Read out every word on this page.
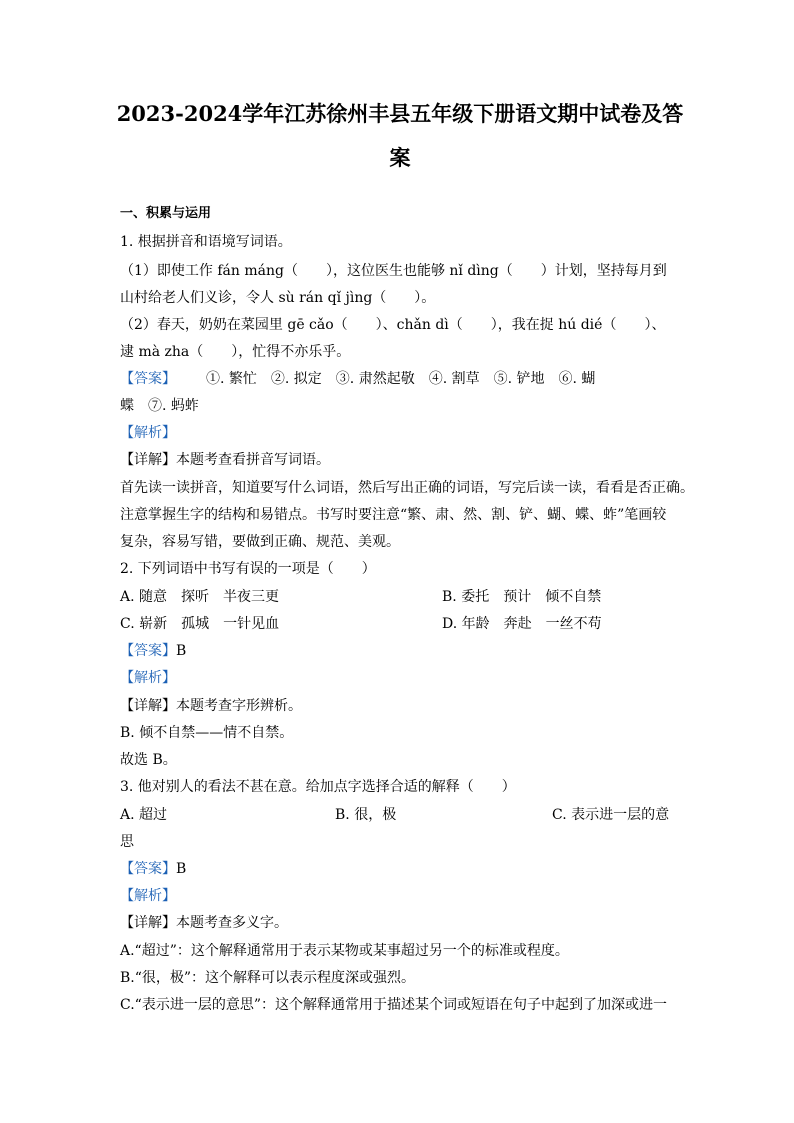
2023-2024学年江苏徐州丰县五年级下册语文期中试卷及答
案
一、积累与运用
1. 根据拼音和语境写词语。
（1）即使工作 fán máng（　　），这位医生也能够 nǐ dìng（　　）计划，坚持每月到
山村给老人们义诊，令人 sù rán qǐ jìng（　　）。
（2）春天，奶奶在菜园里 gē cǎo（　　）、chǎn dì（　　），我在捉 hú dié（　　）、
逮 mà zha（　　），忙得不亦乐乎。
【答案】 ①. 繁忙　②. 拟定　③. 肃然起敬　④. 割草　⑤. 铲地　⑥. 蝴
蝶　⑦. 蚂蚱
【解析】
【详解】本题考查看拼音写词语。
首先读一读拼音，知道要写什么词语，然后写出正确的词语，写完后读一读，看看是否正确。
注意掌握生字的结构和易错点。书写时要注意“繁、肃、然、割、铲、蝴、蝶、蚱”笔画较
复杂，容易写错，要做到正确、规范、美观。
2. 下列词语中书写有误的一项是（　　）
A. 随意　探听　半夜三更	B. 委托　预计　倾不自禁
C. 崭新　孤城　一针见血	D. 年龄　奔赴　一丝不苟
【答案】B
【解析】
【详解】本题考查字形辨析。
B. 倾不自禁——情不自禁。
故选 B。
3. 他对别人的看法不甚在意。给加点字选择合适的解释（　　）
A. 超过	B. 很，极	C. 表示进一层的意
思
【答案】B
【解析】
【详解】本题考查多义字。
A.“超过”：这个解释通常用于表示某物或某事超过另一个的标准或程度。
B.“很，极”：这个解释可以表示程度深或强烈。
C.“表示进一层的意思”：这个解释通常用于描述某个词或短语在句子中起到了加深或进一
